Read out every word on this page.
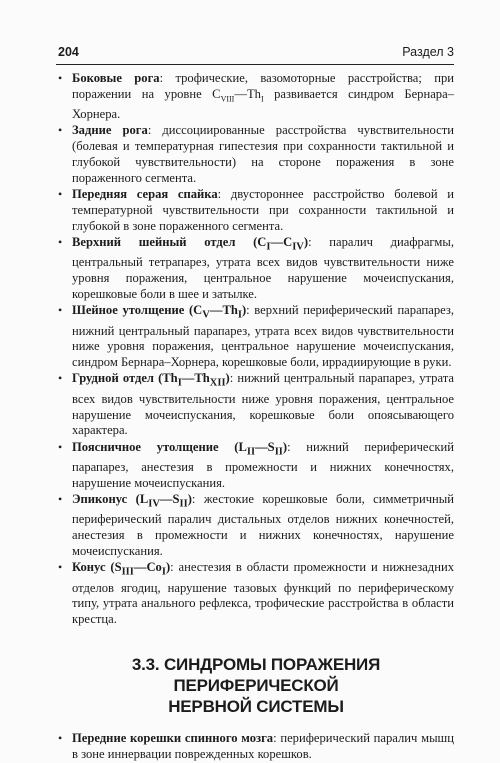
204	Раздел 3
• Боковые рога: трофические, вазомоторные расстройства; при поражении на уровне $C_{VIII}—Th_I$ развивается синдром Бернара–Хорнера.
• Задние рога: диссоциированные расстройства чувствительности (болевая и температурная гипестезия при сохранности тактильной и глубокой чувствительности) на стороне поражения в зоне пораженного сегмента.
• Передняя серая спайка: двустороннее расстройство болевой и температурной чувствительности при сохранности тактильной и глубокой в зоне пораженного сегмента.
• Верхний шейный отдел $(C_I—C_{IV})$: паралич диафрагмы, центральный тетрапарез, утрата всех видов чувствительности ниже уровня поражения, центральное нарушение мочеиспускания, корешковые боли в шее и затылке.
• Шейное утолщение $(C_V—Th_I)$: верхний периферический парапарез, нижний центральный парапарез, утрата всех видов чувствительности ниже уровня поражения, центральное нарушение мочеиспускания, синдром Бернара–Хорнера, корешковые боли, иррадиирующие в руки.
• Грудной отдел $(Th_I—Th_{XII})$: нижний центральный парапарез, утрата всех видов чувствительности ниже уровня поражения, центральное нарушение мочеиспускания, корешковые боли опоясывающего характера.
• Поясничное утолщение $(L_{II}—S_{II})$: нижний периферический парапарез, анестезия в промежности и нижних конечностях, нарушение мочеиспускания.
• Эпиконус $(L_{IV}—S_{II})$: жестокие корешковые боли, симметричный периферический паралич дистальных отделов нижних конечностей, анестезия в промежности и нижних конечностях, нарушение мочеиспускания.
• Конус $(S_{III}—Co_I)$: анестезия в области промежности и нижнезадних отделов ягодиц, нарушение тазовых функций по периферическому типу, утрата анального рефлекса, трофические расстройства в области крестца.
3.3. СИНДРОМЫ ПОРАЖЕНИЯ ПЕРИФЕРИЧЕСКОЙ
НЕРВНОЙ СИСТЕМЫ
• Передние корешки спинного мозга: периферический паралич мышц в зоне иннервации поврежденных корешков.
